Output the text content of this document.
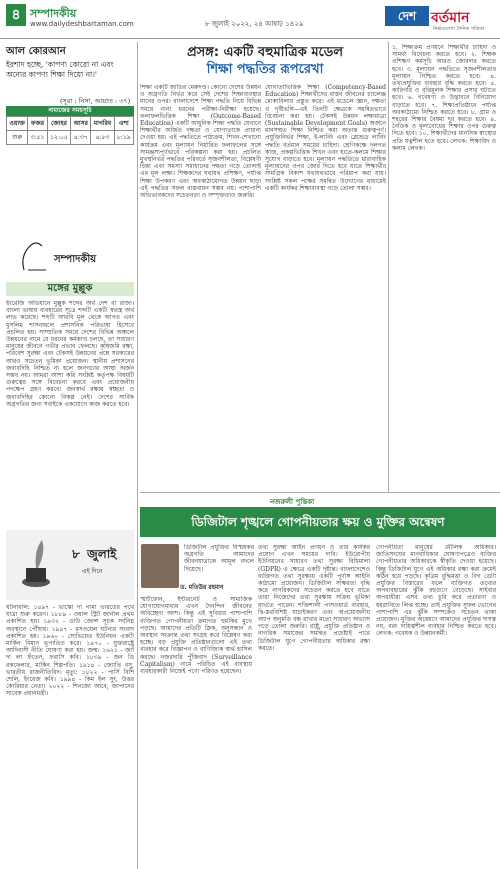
৪ সম্পাদকীয়
www.dailydeshbartaman.com	৮ জুলাই ২০২২, ২৪ আষাঢ় ১৪২৯
দেশ	বর্তমান
নির্ভরযোগ্য দৈনিক পত্রিকা
আল কোরআন
ইরশাদ হচ্ছে, 'কাপণ্য কোরো না এবং অন্যের কাপণ্য শিক্ষা দিয়ো না।'
(সূরা : নিসা, আয়াত : ৩৭)
নামাজের সময়সূচি
ওয়াক্ত	ফজর	জোহর	আসর	মাগরিব	এশা
শুরু	৩:৫১	১২:০৫	৪:৩৭	৬:৫৩	৮:১৯
সম্পাদকীয়
মঙ্গের মুল্লুক
ইংরেজি অভিধানে মুল্লুক শব্দের অর্থ দেশ বা রাজ্য। বাংলা ভাষায় ব্যবহারের সূত্রে শব্দটি একটি স্বতন্ত্র অর্থ লাভ করেছে। শব্দটি আরবি মূল থেকে আগত এবং মুসলিম শাসনামলে প্রশাসনিক পরিভাষা হিসেবে প্রচলিত হয়। সাম্প্রতিক সময়ে দেশের বিভিন্ন অঞ্চলে উন্নয়নের নামে যে ধরনের কর্মকাণ্ড চলছে, তা সাধারণ মানুষের জীবনে গভীর প্রভাব ফেলছে। কৃষিজমি রক্ষা, পরিবেশ সুরক্ষা এবং টেকসই উন্নয়নের প্রশ্নে সরকারের আরও সচেতন ভূমিকা প্রয়োজন। স্থানীয় প্রশাসনের জবাবদিহি নিশ্চিত না হলে জনগণের আস্থা অর্জন সম্ভব নয়। আমরা আশা করি সংশ্লিষ্ট কর্তৃপক্ষ বিষয়টি গুরুত্বের সঙ্গে বিবেচনা করবে এবং প্রয়োজনীয় পদক্ষেপ গ্রহণ করবে। জনস্বার্থ রক্ষায় স্বচ্ছতা ও জবাবদিহির কোনো বিকল্প নেই। দেশের সার্বিক অগ্রগতির জন্য সবাইকে একযোগে কাজ করতে হবে।
৮ জুলাই
এই দিনে
ঘটনাবলি: ১৪৯৭ - ভাস্কো দা গামা ভারতের পথে যাত্রা শুরু করেন। ১৮৮৯ - ওয়াল স্ট্রিট জার্নাল প্রথম প্রকাশিত হয়। ১৯৩২ - ডাউ জোন্স সূচক সর্বনিম্ন অবস্থানে পৌঁছায়। ১৯৪৭ - রসওয়েল ঘটনার সংবাদ প্রকাশিত হয়। ১৯৬০ - সোভিয়েত ইউনিয়ন একটি মার্কিন বিমান ভূপাতিত করে। ১৯৭০ - যুক্তরাষ্ট্রে আদিবাসী নীতি ঘোষণা করা হয়। জন্ম: ১৬২১ - জ্যাঁ দ্য লা ফঁতেন, ফরাসি কবি। ১৮৩৯ - জন ডি রকফেলার, মার্কিন শিল্পপতি। ১৯১৪ - জ্যোতি বসু, ভারতীয় রাজনীতিবিদ। মৃত্যু: ১৮২২ - পার্সি বিশি শেলি, ইংরেজ কবি। ১৯৯৪ - কিম ইল সুং, উত্তর কোরিয়ার নেতা। ২০২২ - শিনজো আবে, জাপানের সাবেক প্রধানমন্ত্রী।
প্রসঙ্গ: একটি বহুমাত্রিক মডেল
শিক্ষা পদ্ধতির রূপরেখা
শিক্ষা একটি জাতির মেরুদণ্ড। কোনো দেশের উন্নয়ন ও অগ্রগতি নির্ভর করে সেই দেশের শিক্ষাব্যবস্থার মানের ওপর। বাংলাদেশে শিক্ষা পদ্ধতি নিয়ে বিভিন্ন সময়ে নানা ধরনের পরীক্ষা-নিরীক্ষা হয়েছে। ফলাফলভিত্তিক শিক্ষা (Outcome-Based Education) একটি আধুনিক শিক্ষা পদ্ধতি যেখানে শিক্ষার্থীর অর্জিত দক্ষতা ও যোগ্যতাকে প্রাধান্য দেওয়া হয়। এই পদ্ধতিতে পাঠ্যক্রম, শিখন-শেখানো কার্যক্রম এবং মূল্যায়ন নির্ধারিত ফলাফলের সঙ্গে সামঞ্জস্যপূর্ণভাবে পরিকল্পনা করা হয়। প্রচলিত মুখস্থনির্ভর পদ্ধতির পরিবর্তে সৃজনশীলতা, বিশ্লেষণী চিন্তা এবং সমস্যা সমাধানের দক্ষতা গড়ে তোলাই এর মূল লক্ষ্য। শিক্ষকদের যথাযথ প্রশিক্ষণ, পর্যাপ্ত শিক্ষা উপকরণ এবং অবকাঠামোগত উন্নয়ন ছাড়া এই পদ্ধতির সফল বাস্তবায়ন সম্ভব নয়। পাশাপাশি অভিভাবকদের সচেতনতা ও সম্পৃক্ততাও জরুরি।
যোগ্যতাভিত্তিক শিক্ষা (Competency-Based Education) শিক্ষার্থীদের বাস্তব জীবনের চ্যালেঞ্জ মোকাবিলায় প্রস্তুত করে। এই মডেলে জ্ঞান, দক্ষতা ও দৃষ্টিভঙ্গি—এই তিনটি ক্ষেত্রকে সমন্বিতভাবে বিবেচনা করা হয়। টেকসই উন্নয়ন লক্ষ্যমাত্রা (Sustainable Development Goals) অর্জনে মানসম্মত শিক্ষা নিশ্চিত করা অত্যন্ত গুরুত্বপূর্ণ। প্রযুক্তিনির্ভর শিক্ষা, ই-লার্নিং এবং ব্লেন্ডেড লার্নিং পদ্ধতি বর্তমান সময়ের চাহিদা। শ্রেণিকক্ষে দলগত কাজ, প্রকল্পভিত্তিক শিখন এবং হাতে-কলমে শিক্ষার সুযোগ বাড়াতে হবে। মূল্যায়ন পদ্ধতিতে ধারাবাহিক মূল্যায়নের ওপর জোর দিতে হবে যাতে শিক্ষার্থীর সামগ্রিক বিকাশ যথাযথভাবে পরিমাপ করা যায়। সংশ্লিষ্ট সকল পক্ষের সমন্বিত উদ্যোগের মাধ্যমেই একটি কার্যকর শিক্ষাব্যবস্থা গড়ে তোলা সম্ভব।
১. শিক্ষাক্রম প্রণয়নে শিক্ষার্থীর চাহিদা ও সামর্থ্য বিবেচনা করতে হবে। ২. শিক্ষক প্রশিক্ষণ কর্মসূচি আরও জোরদার করতে হবে। ৩. মূল্যায়ন পদ্ধতিতে সৃজনশীলতার মূল্যায়ন নিশ্চিত করতে হবে। ৪. তথ্যপ্রযুক্তির ব্যবহার বৃদ্ধি করতে হবে। ৫. কারিগরি ও বৃত্তিমূলক শিক্ষার প্রসার ঘটাতে হবে। ৬. গবেষণা ও উদ্ভাবনে বিনিয়োগ বাড়াতে হবে। ৭. শিক্ষাপ্রতিষ্ঠানে পর্যাপ্ত অবকাঠামো নিশ্চিত করতে হবে। ৮. গ্রাম ও শহরের শিক্ষার বৈষম্য দূর করতে হবে। ৯. নৈতিক ও মূল্যবোধের শিক্ষার ওপর গুরুত্ব দিতে হবে। ১০. শিক্ষার্থীদের মানসিক স্বাস্থ্যের প্রতি যত্নশীল হতে হবে। লেখক: শিক্ষাবিদ ও কলাম লেখক।
নজরুলী পুস্তিকা
ডিজিটাল শৃঙ্খলে গোপনীয়তার ক্ষয় ও মুক্তির অন্বেষণ
ডিজিটাল প্রযুক্তির বিস্ময়কর অগ্রগতি আমাদের জীবনযাত্রাকে আমূল বদলে দিয়েছে।
ড. মতিউর রহমান
স্মার্টফোন, ইন্টারনেট ও সামাজিক যোগাযোগমাধ্যম এখন দৈনন্দিন জীবনের অবিচ্ছেদ্য অংশ। কিন্তু এই সুবিধার পাশাপাশি ব্যক্তিগত গোপনীয়তা ক্রমাগত হুমকির মুখে পড়ছে। আমাদের প্রতিটি ক্লিক, অনুসন্ধান ও অবস্থান সংক্রান্ত তথ্য সংগ্রহ করে বিশ্লেষণ করা হচ্ছে। বড় প্রযুক্তি প্রতিষ্ঠানগুলো এই তথ্য ব্যবহার করে বিজ্ঞাপন ও বাণিজ্যিক স্বার্থ হাসিল করছে। নজরদারি পুঁজিবাদ (Surveillance Capitalism) নামে পরিচিত এই ব্যবস্থায় ব্যবহারকারী নিজেই পণ্যে পরিণত হয়েছেন।
তথ্য সুরক্ষা আইন প্রণয়ন ও তার কার্যকর প্রয়োগ এখন সময়ের দাবি। ইউরোপীয় ইউনিয়নের সাধারণ তথ্য সুরক্ষা বিধিমালা (GDPR) এ ক্ষেত্রে একটি দৃষ্টান্ত। বাংলাদেশেও ব্যক্তিগত তথ্য সুরক্ষায় একটি পূর্ণাঙ্গ আইনি কাঠামো প্রয়োজন। ডিজিটাল সাক্ষরতা বৃদ্ধি করে নাগরিকদের সচেতন করতে হবে যাতে তারা নিজেদের তথ্য সুরক্ষায় সক্রিয় ভূমিকা রাখতে পারেন। শক্তিশালী পাসওয়ার্ড ব্যবহার, দ্বি-স্তরবিশিষ্ট যাচাইকরণ এবং অপ্রয়োজনীয় অ্যাপ অনুমতি বন্ধ রাখার মতো সাধারণ অভ্যাস গড়ে তোলা জরুরি। রাষ্ট্র, প্রযুক্তি প্রতিষ্ঠান ও নাগরিক সমাজের সমন্বিত প্রচেষ্টাই পারে ডিজিটাল যুগে গোপনীয়তার অধিকার রক্ষা করতে।
গোপনীয়তা মানুষের মৌলিক অধিকার। জাতিসংঘের মানবাধিকার ঘোষণাপত্রেও ব্যক্তির গোপনীয়তার অধিকারকে স্বীকৃতি দেওয়া হয়েছে। কিন্তু ডিজিটাল যুগে এই অধিকার রক্ষা করা ক্রমেই কঠিন হয়ে পড়ছে। কৃত্রিম বুদ্ধিমত্তা ও বিগ ডেটা প্রযুক্তির বিস্তারের ফলে ব্যক্তিগত তথ্যের অপব্যবহারের ঝুঁকি বহুগুণে বেড়েছে। সাইবার অপরাধীরা এসব তথ্য চুরি করে প্রতারণা ও হয়রানিতে লিপ্ত হচ্ছে। তাই প্রযুক্তির সুফল ভোগের পাশাপাশি এর ঝুঁকি সম্পর্কেও সচেতন থাকা প্রয়োজন। মুক্তির অন্বেষণে আমাদের প্রযুক্তির দাসত্ব নয়, বরং দায়িত্বশীল ব্যবহার নিশ্চিত করতে হবে। লেখক: গবেষক ও উন্নয়নকর্মী।
